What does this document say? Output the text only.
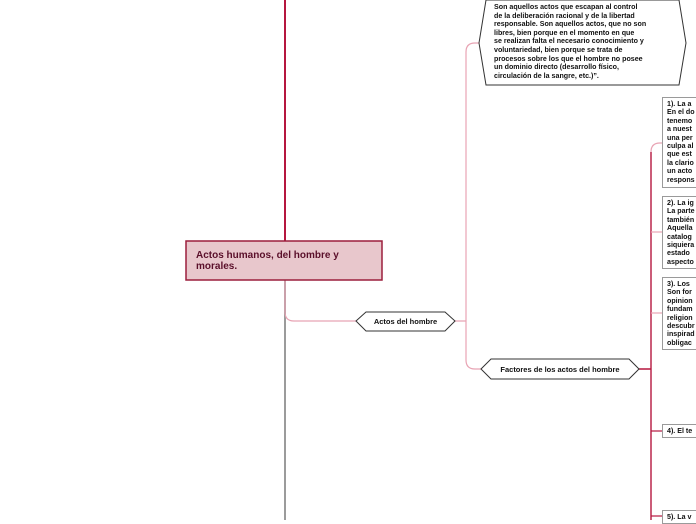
Actos humanos, del hombre y morales.
Actos del hombre
Son aquellos actos que escapan al control
de la deliberación racional y de la libertad
responsable. Son aquellos actos, que no son
libres, bien porque en el momento en que
se realizan falta el necesario conocimiento y
voluntariedad, bien porque se trata de
procesos sobre los que el hombre no posee
un dominio directo (desarrollo físico,
circulación de la sangre, etc.)”.
Factores de los actos del hombre
1). La a
En el do
tenemo
a nuest
una per
culpa al
que est
la clario
un acto
respons
2). La ig
La parte
también
Aquella
catalog
siquiera
estado
aspecto
3). Los
Son for
opinion
fundam
religion
descubr
inspirad
obligac
4). El te
5). La v
